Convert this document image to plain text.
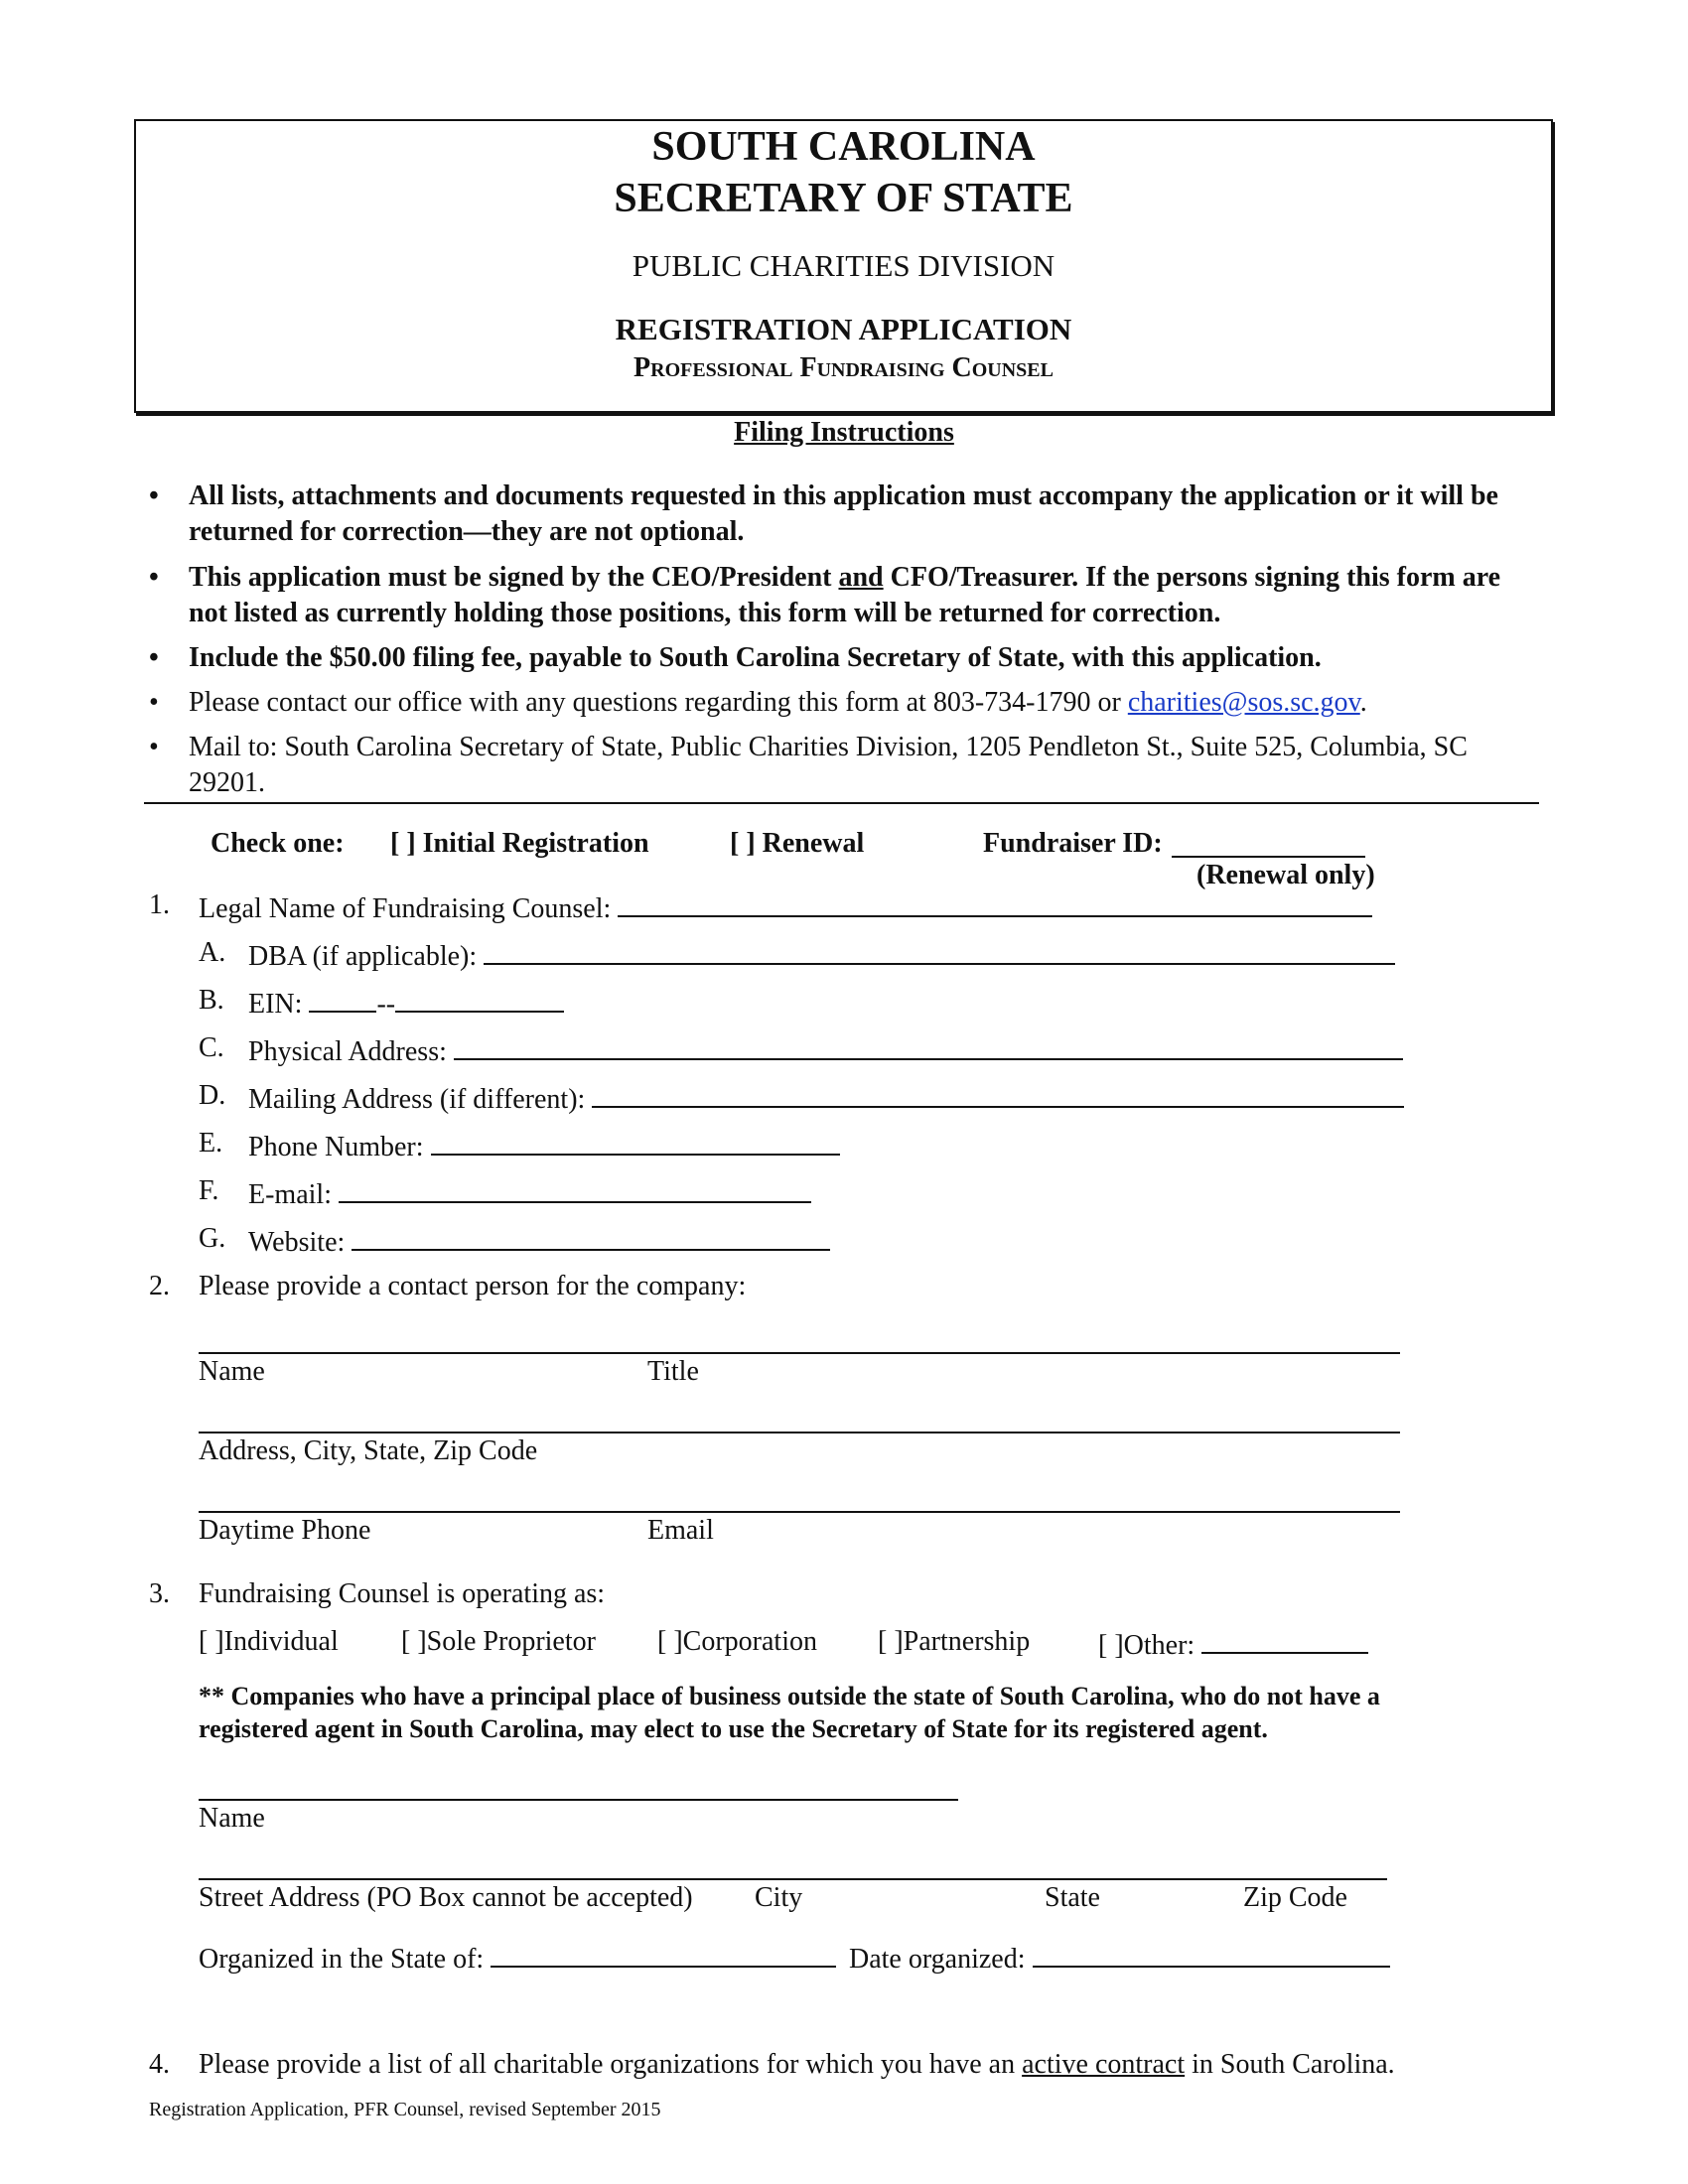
SOUTH CAROLINA
SECRETARY OF STATE
PUBLIC CHARITIES DIVISION
REGISTRATION APPLICATION
Professional Fundraising Counsel
Filing Instructions
• All lists, attachments and documents requested in this application must accompany the application or it will be returned for correction—they are not optional.
• This application must be signed by the CEO/President and CFO/Treasurer. If the persons signing this form are not listed as currently holding those positions, this form will be returned for correction.
• Include the $50.00 filing fee, payable to South Carolina Secretary of State, with this application.
• Please contact our office with any questions regarding this form at 803-734-1790 or charities@sos.sc.gov.
• Mail to: South Carolina Secretary of State, Public Charities Division, 1205 Pendleton St., Suite 525, Columbia, SC 29201.
Check one: [ ] Initial Registration	[ ] Renewal	Fundraiser ID:
(Renewal only)
1. Legal Name of Fundraising Counsel:
A. DBA (if applicable):
B. EIN:	--
C. Physical Address:
D. Mailing Address (if different):
E. Phone Number:
F. E-mail:
G. Website:
2. Please provide a contact person for the company:
Name	Title
Address, City, State, Zip Code
Daytime Phone	Email
3. Fundraising Counsel is operating as:
[ ]Individual [ ]Sole Proprietor [ ]Corporation [ ]Partnership [ ]Other:
** Companies who have a principal place of business outside the state of South Carolina, who do not have a registered agent in South Carolina, may elect to use the Secretary of State for its registered agent.
Name
Street Address (PO Box cannot be accepted) City	State	Zip Code
Organized in the State of:	Date organized:
4. Please provide a list of all charitable organizations for which you have an active contract in South Carolina.
Registration Application, PFR Counsel, revised September 2015
